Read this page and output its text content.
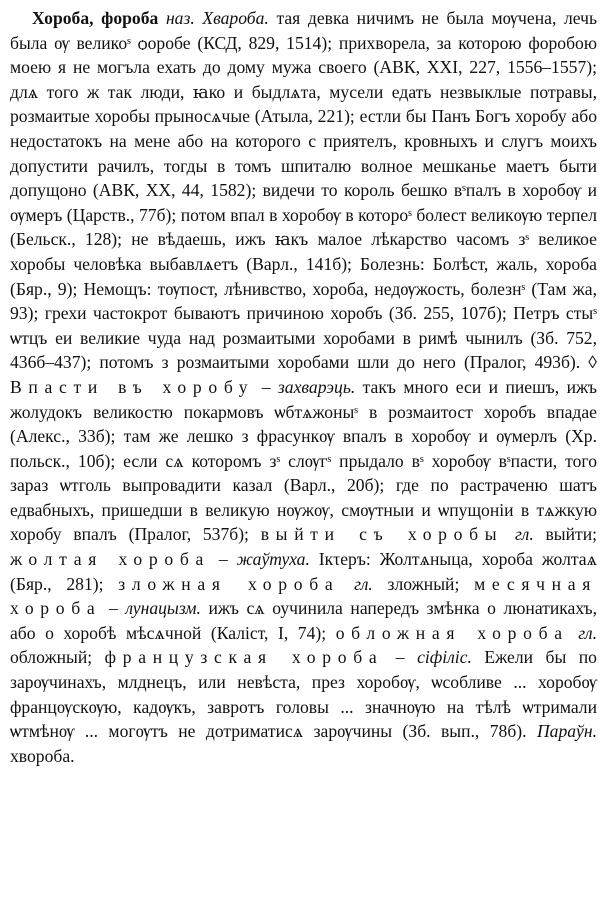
Хороба, фороба наз. Хвароба. тая девка ничимъ не была мѹчена, лечь была ѹ великоˢ ѻоробе (КСД, 829, 1514); прихворела, за которою форобою моею я не могъла ехать до дому мужа своего (АВК, XXI, 227, 1556–1557); длѧ того ж так люди, ꙗко и быдлѧта, мусели едать незвыклые потравы, розмаитые хоробы прыносѧчые (Атыла, 221); естли бы Панъ Богъ хоробу або недостатокъ на мене або на которого с приятелъ, кровныхъ и слугъ моихъ допустити рачилъ, тогды в томъ шпиталю волное мешканье маетъ быти допущоно (АВК, ХХ, 44, 1582); видечи то король бешко вˢпалъ в хоробѹ и ѹмеръ (Царств., 77б); потом впал в хоробѹ в котороˢ болест великѹю терпел (Бельск., 128); не вѣдаешь, ижъ ꙗкъ малое лѣкарство часомъ зˢ великое хоробы человѣка выбавлѧетъ (Варл., 141б); Болезнь: Болѣст, жаль, хороба (Бяр., 9); Немощъ: тѹпост, лѣнивство, хороба, недѹжость, болезнˢ (Там жа, 93); грехи частокрот бываютъ причиною хоробъ (Зб. 255, 107б); Петръ стыˢ ѡтцъ еи великие чуда над розмаитыми хоробами в римѣ чынилъ (Зб. 752, 436б–437); потомъ з розмаитыми хоробами шли до него (Пралог, 493б). ◊ Впасти въ хоробу – захварэць. такъ много еси и пиешъ, ижъ жолудокъ великостю покармовъ ѡбтѧжоныˢ в розмаитост хоробъ впадае (Алекс., 33б); там же лешко з фрасункѹ впалъ в хоробѹ и ѹмерлъ (Хр. польск., 10б); если сѧ которомъ зˢ слѹгˢ прыдало вˢ хоробѹ вˢпасти, того зараз ѡтголь выпровадити казал (Варл., 20б); где по растраченю шатъ едвабныхъ, пришедши в великую нѹжѹ, смѹтныи и ѡпущоніи в тѧжкую хоробу впалъ (Пралог, 537б); выйти съ хоробы гл. выйти; жолтая хороба – жаўтуха. Ікτеръ: Жолтѧныца, хороба жолтаѧ (Бяр., 281); зложная хороба гл. зложный; месячная хороба – лунацызм. ижъ сѧ оучинила напередъ змѣнка о люнатикахъ, або о хоробѣ мѣсѧчной (Каліст, I, 74); обложная хороба гл. обложный; французская хороба – сіфіліс. Ежели бы по зарѹчинахъ, млднецъ, или невѣста, през хоробѹ, ѡсобливе ... хоробѹ францѹскѹю, кадѹкъ, завротъ головы ... значнѹю на тѣлѣ ѡтримали ѡтмѣнѹ ... могѹтъ не дотриматисѧ зарѹчины (Зб. вып., 78б). Параўн. хвороба.
